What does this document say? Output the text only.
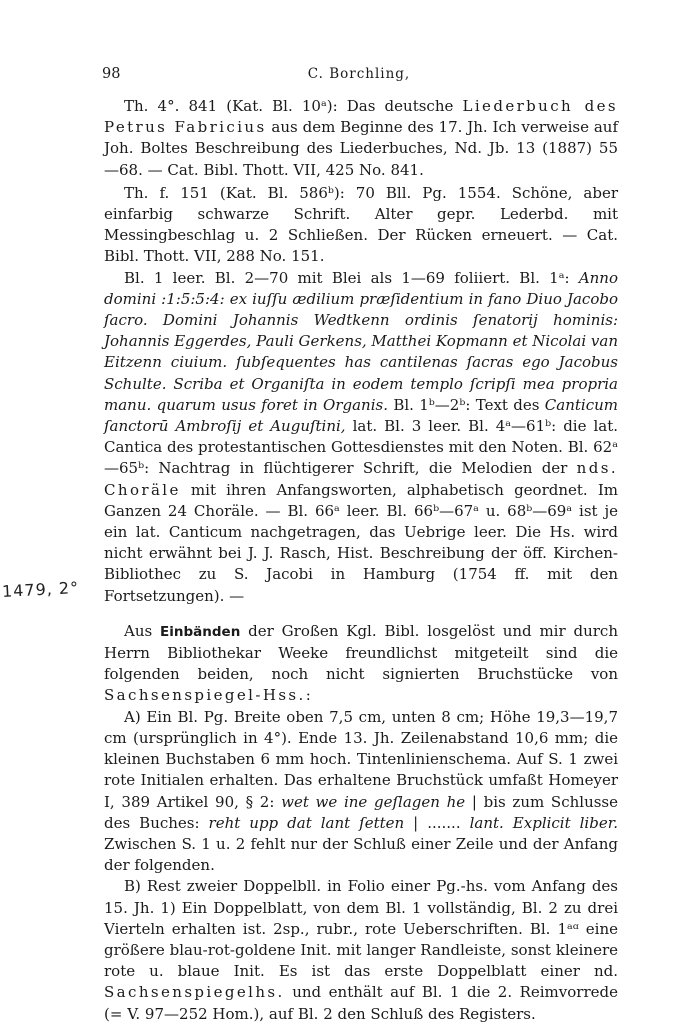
98	C. Borchling,
1479, 2°

Th. 4°. 841 (Kat. Bl. 10ᵃ): Das deutsche Liederbuch des Petrus Fabricius aus dem Beginne des 17. Jh. Ich verweise auf Joh. Boltes Beschreibung des Liederbuches, Nd. Jb. 13 (1887) 55 —68. — Cat. Bibl. Thott. VII, 425 No. 841.

Th. f. 151 (Kat. Bl. 586ᵇ): 70 Bll. Pg. 1554. Schöne, aber einfarbig schwarze Schrift. Alter gepr. Lederbd. mit Messingbeschlag u. 2 Schließen. Der Rücken erneuert. — Cat. Bibl. Thott. VII, 288 No. 151.

Bl. 1 leer. Bl. 2—70 mit Blei als 1—69 foliiert. Bl. 1ᵃ: Anno domini :1:5:5:4: ex iuſſu ædilium præſidentium in fano Diuo Jacobo ſacro. Domini Johannis Wedtkenn ordinis ſenatorij hominis: Johannis Eggerdes, Pauli Gerkens, Matthei Kopmann et Nicolai van Eitzenn ciuium. ſubſequentes has cantilenas ſacras ego Jacobus Schulte. Scriba et Organiſta in eodem templo ſcripſi mea propria manu. quarum usus foret in Organis. Bl. 1ᵇ—2ᵇ: Text des Canticum ſanctorū Ambroſij et Auguſtini, lat. Bl. 3 leer. Bl. 4ᵃ—61ᵇ: die lat. Cantica des protestantischen Gottesdienstes mit den Noten. Bl. 62ᵃ—65ᵇ: Nachtrag in flüchtigerer Schrift, die Melodien der nds. Choräle mit ihren Anfangsworten, alphabetisch geordnet. Im Ganzen 24 Choräle. — Bl. 66ᵃ leer. Bl. 66ᵇ—67ᵃ u. 68ᵇ—69ᵃ ist je ein lat. Canticum nachgetragen, das Uebrige leer. Die Hs. wird nicht erwähnt bei J. J. Rasch, Hist. Beschreibung der öff. Kirchen-Bibliothec zu S. Jacobi in Hamburg (1754 ff. mit den Fortsetzungen). —

Aus Einbänden der Großen Kgl. Bibl. losgelöst und mir durch Herrn Bibliothekar Weeke freundlichst mitgeteilt sind die folgenden beiden, noch nicht signierten Bruchstücke von Sachsenspiegel-Hss.:

A) Ein Bl. Pg. Breite oben 7,5 cm, unten 8 cm; Höhe 19,3—19,7 cm (ursprünglich in 4°). Ende 13. Jh. Zeilenabstand 10,6 mm; die kleinen Buchstaben 6 mm hoch. Tintenlinienschema. Auf S. 1 zwei rote Initialen erhalten. Das erhaltene Bruchstück umfaßt Homeyer I, 389 Artikel 90, § 2: wet we ine geſlagen he | bis zum Schlusse des Buches: reht upp dat lant ſetten | ....... lant. Explicit liber. Zwischen S. 1 u. 2 fehlt nur der Schluß einer Zeile und der Anfang der folgenden.

B) Rest zweier Doppelbll. in Folio einer Pg.-hs. vom Anfang des 15. Jh. 1) Ein Doppelblatt, von dem Bl. 1 vollständig, Bl. 2 zu drei Vierteln erhalten ist. 2sp., rubr., rote Ueberschriften. Bl. 1ᵃᵅ eine größere blau-rot-goldene Init. mit langer Randleiste, sonst kleinere rote u. blaue Init. Es ist das erste Doppelblatt einer nd. Sachsenspiegelhs. und enthält auf Bl. 1 die 2. Reimvorrede (= V. 97—252 Hom.), auf Bl. 2 den Schluß des Registers.
